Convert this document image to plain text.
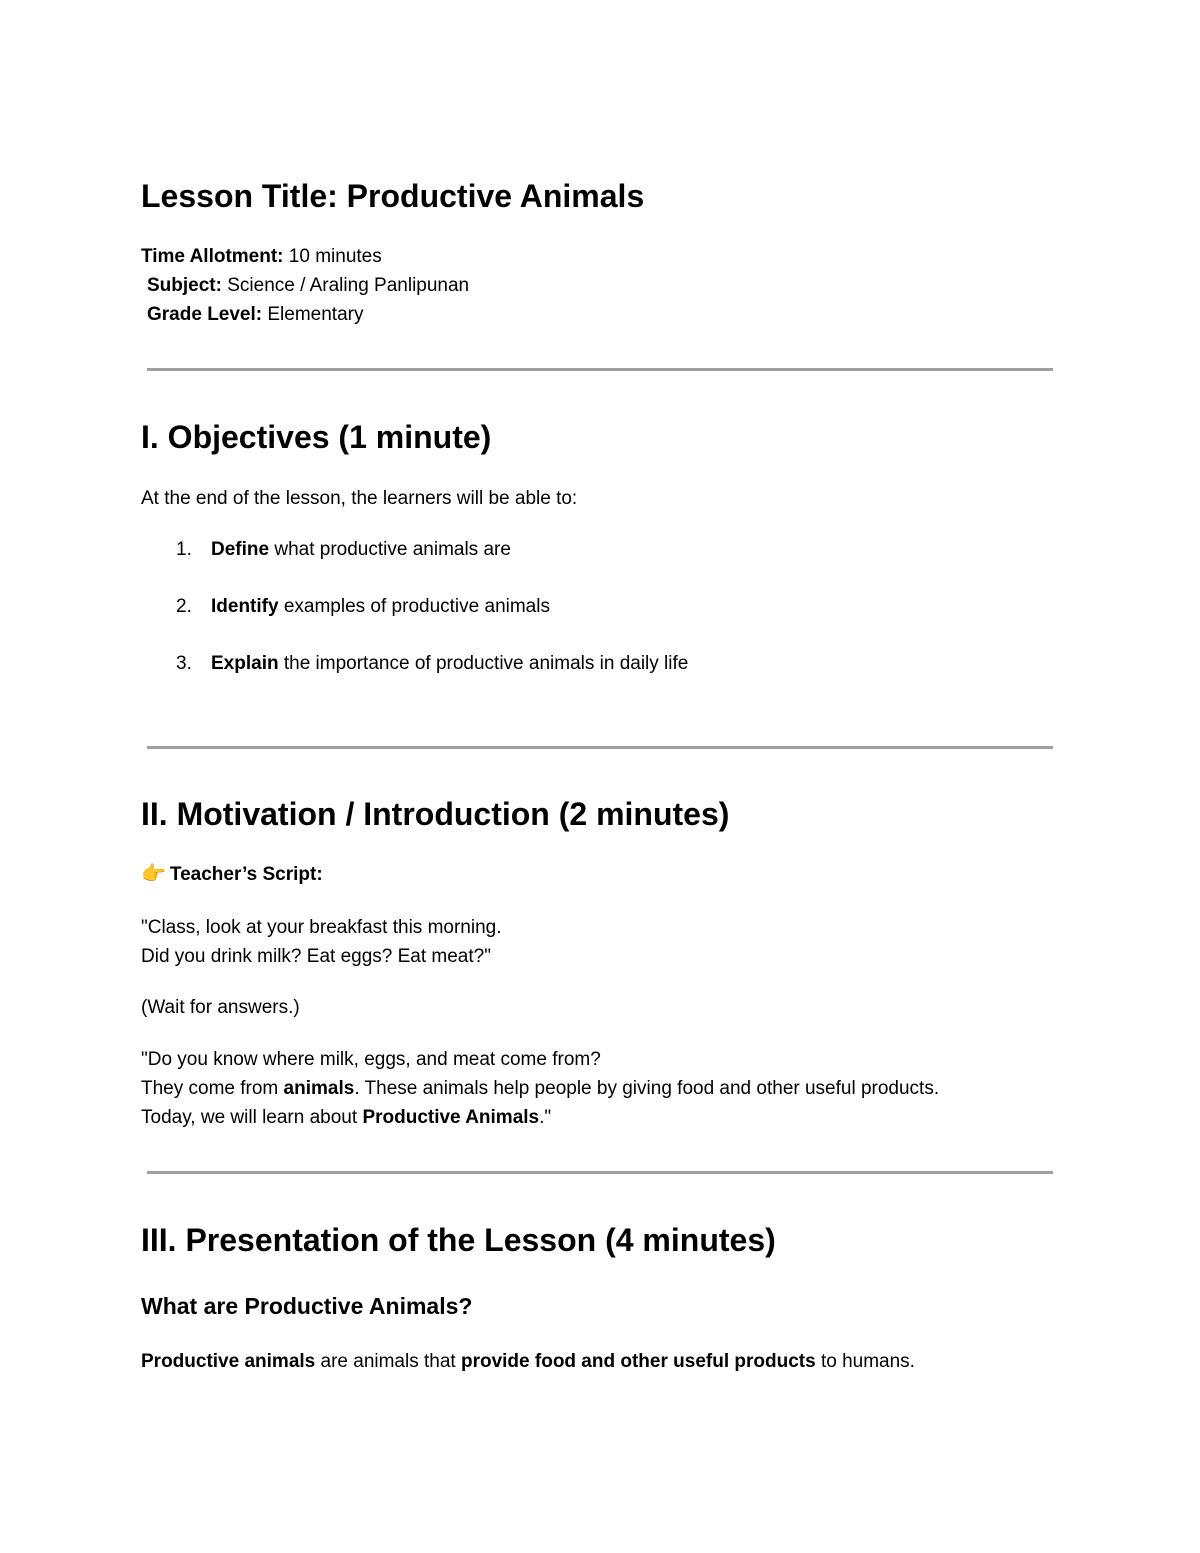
Lesson Title: Productive Animals
Time Allotment: 10 minutes
Subject: Science / Araling Panlipunan
Grade Level: Elementary
I. Objectives (1 minute)
At the end of the lesson, the learners will be able to:
1. Define what productive animals are
2. Identify examples of productive animals
3. Explain the importance of productive animals in daily life
II. Motivation / Introduction (2 minutes)
👉 Teacher’s Script:
"Class, look at your breakfast this morning.
Did you drink milk? Eat eggs? Eat meat?"
(Wait for answers.)
"Do you know where milk, eggs, and meat come from?
They come from animals. These animals help people by giving food and other useful products.
Today, we will learn about Productive Animals."
III. Presentation of the Lesson (4 minutes)
What are Productive Animals?
Productive animals are animals that provide food and other useful products to humans.
